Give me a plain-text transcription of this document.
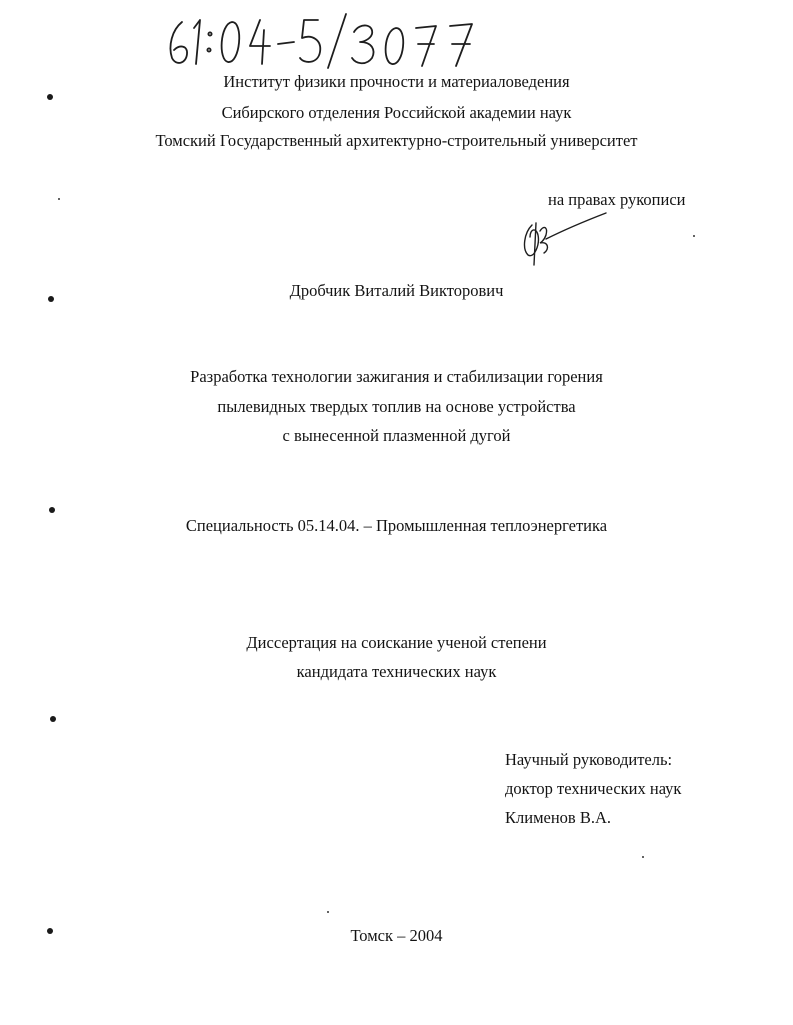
Институт физики прочности и материаловедения
Сибирского отделения Российской академии наук
Томский Государственный архитектурно-строительный университет
на правах рукописи
Дробчик Виталий Викторович
Разработка технологии зажигания и стабилизации горения
пылевидных твердых топлив на основе устройства
с вынесенной плазменной дугой
Специальность 05.14.04. – Промышленная теплоэнергетика
Диссертация на соискание ученой степени
кандидата технических наук
Научный руководитель:
доктор технических наук
Клименов В.А.
Томск – 2004
